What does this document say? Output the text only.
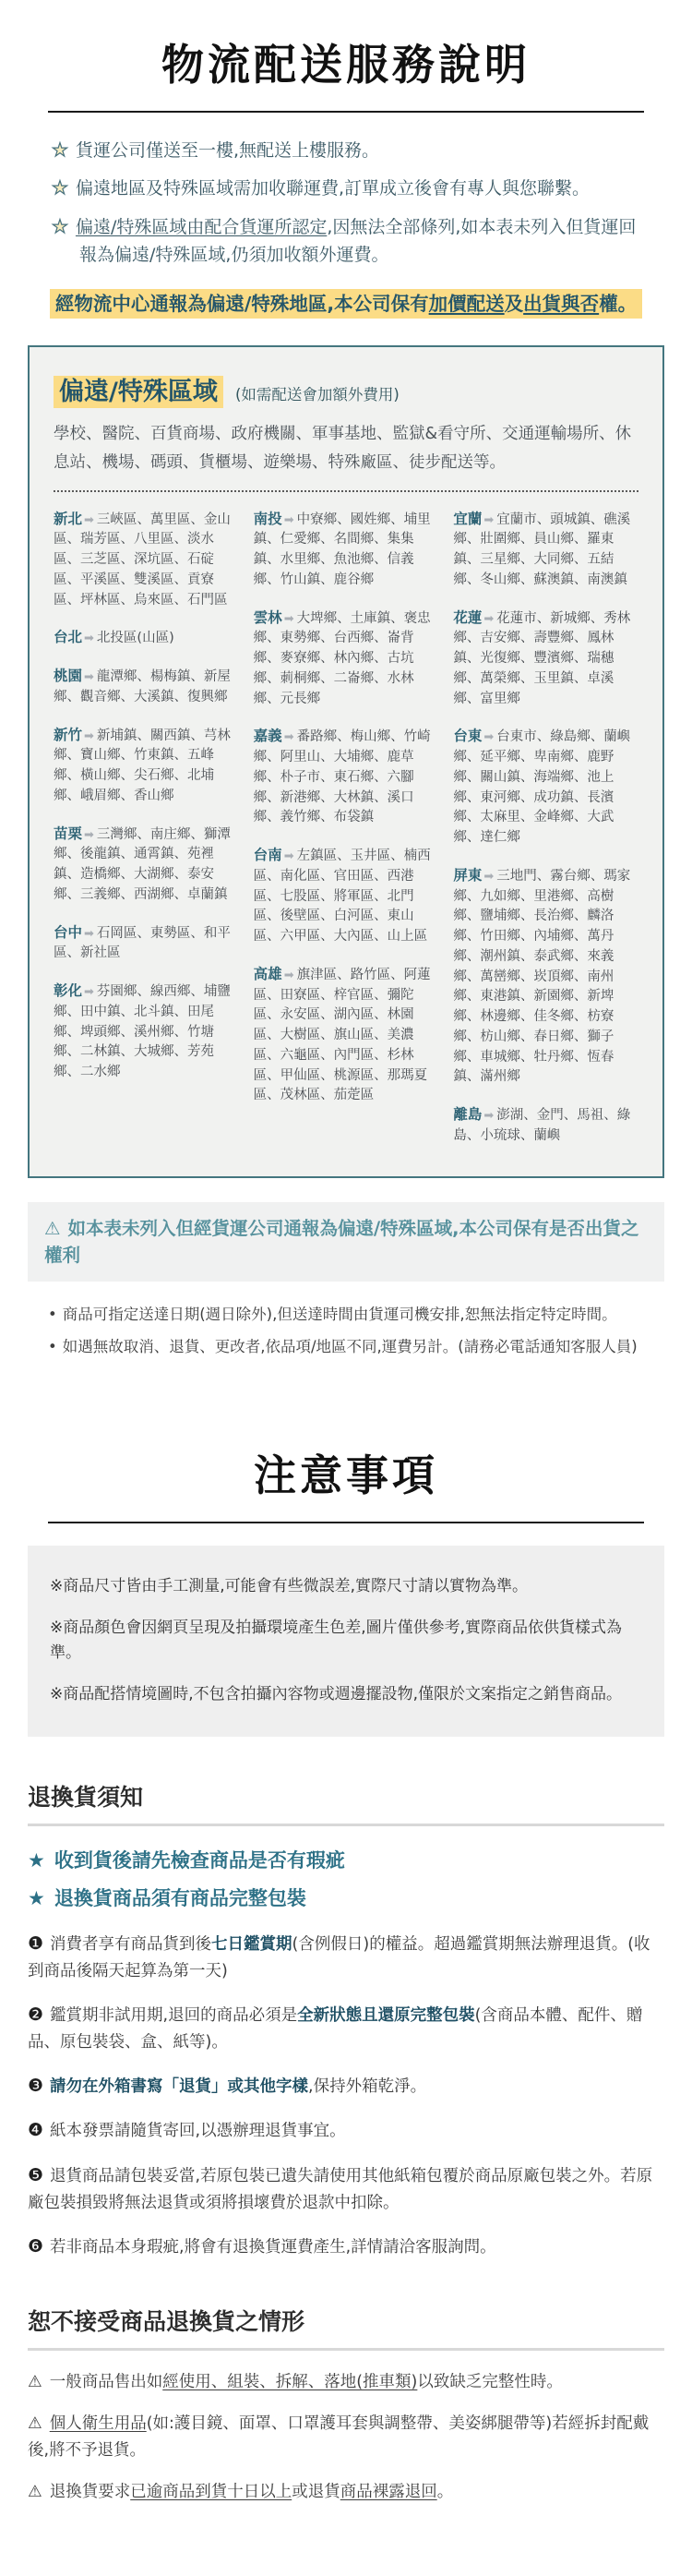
物流配送服務說明

★ 貨運公司僅送至一樓,無配送上樓服務。

★ 偏遠地區及特殊區域需加收聯運費,訂單成立後會有專人與您聯繫。

★ 偏遠/特殊區域由配合貨運所認定,因無法全部條列,如本表未列入但貨運回報為偏遠/特殊區域,仍須加收額外運費。

經物流中心通報為偏遠/特殊地區,本公司保有加價配送及出貨與否權。
偏遠/特殊區域 (如需配送會加額外費用)

學校、醫院、百貨商場、政府機關、軍事基地、監獄&看守所、交通運輸場所、休息站、機場、碼頭、貨櫃場、遊樂場、特殊廠區、徒步配送等。

新北 ➡ 三峽區、萬里區、金山區、瑞芳區、八里區、淡水區、三芝區、深坑區、石碇區、平溪區、雙溪區、貢寮區、坪林區、烏來區、石門區
台北 ➡ 北投區(山區)
桃園 ➡ 龍潭鄉、楊梅鎮、新屋鄉、觀音鄉、大溪鎮、復興鄉
新竹 ➡ 新埔鎮、關西鎮、芎林鄉、寶山鄉、竹東鎮、五峰鄉、橫山鄉、尖石鄉、北埔鄉、峨眉鄉、香山鄉
苗栗 ➡ 三灣鄉、南庄鄉、獅潭鄉、後龍鎮、通霄鎮、苑裡鎮、造橋鄉、大湖鄉、泰安鄉、三義鄉、西湖鄉、卓蘭鎮
台中 ➡ 石岡區、東勢區、和平區、新社區
彰化 ➡ 芬園鄉、線西鄉、埔鹽鄉、田中鎮、北斗鎮、田尾鄉、埤頭鄉、溪州鄉、竹塘鄉、二林鎮、大城鄉、芳苑鄉、二水鄉
南投 ➡ 中寮鄉、國姓鄉、埔里鎮、仁愛鄉、名間鄉、集集鎮、水里鄉、魚池鄉、信義鄉、竹山鎮、鹿谷鄉
雲林 ➡ 大埤鄉、土庫鎮、褒忠鄉、東勢鄉、台西鄉、崙背鄉、麥寮鄉、林內鄉、古坑鄉、莿桐鄉、二崙鄉、水林鄉、元長鄉
嘉義 ➡ 番路鄉、梅山鄉、竹崎鄉、阿里山、大埔鄉、鹿草鄉、朴子市、東石鄉、六腳鄉、新港鄉、大林鎮、溪口鄉、義竹鄉、布袋鎮
台南 ➡ 左鎮區、玉井區、楠西區、南化區、官田區、西港區、七股區、將軍區、北門區、後壁區、白河區、東山區、六甲區、大內區、山上區
高雄 ➡ 旗津區、路竹區、阿蓮區、田寮區、梓官區、彌陀區、永安區、湖內區、林園區、大樹區、旗山區、美濃區、六龜區、內門區、杉林區、甲仙區、桃源區、那瑪夏區、茂林區、茄萣區
宜蘭 ➡ 宜蘭市、頭城鎮、礁溪鄉、壯圍鄉、員山鄉、羅東鎮、三星鄉、大同鄉、五結鄉、冬山鄉、蘇澳鎮、南澳鎮
花蓮 ➡ 花蓮市、新城鄉、秀林鄉、吉安鄉、壽豐鄉、鳳林鎮、光復鄉、豐濱鄉、瑞穗鄉、萬榮鄉、玉里鎮、卓溪鄉、富里鄉
台東 ➡ 台東市、綠島鄉、蘭嶼鄉、延平鄉、卑南鄉、鹿野鄉、關山鎮、海端鄉、池上鄉、東河鄉、成功鎮、長濱鄉、太麻里、金峰鄉、大武鄉、達仁鄉
屏東 ➡ 三地門、霧台鄉、瑪家鄉、九如鄉、里港鄉、高樹鄉、鹽埔鄉、長治鄉、麟洛鄉、竹田鄉、內埔鄉、萬丹鄉、潮州鎮、泰武鄉、來義鄉、萬巒鄉、崁頂鄉、南州鄉、東港鎮、新園鄉、新埤鄉、林邊鄉、佳冬鄉、枋寮鄉、枋山鄉、春日鄉、獅子鄉、車城鄉、牡丹鄉、恆春鎮、滿州鄉
離島 ➡ 澎湖、金門、馬祖、綠島、小琉球、蘭嶼
⚠ 如本表未列入但經貨運公司通報為偏遠/特殊區域,本公司保有是否出貨之權利

• 商品可指定送達日期(週日除外),但送達時間由貨運司機安排,恕無法指定特定時間。

• 如遇無故取消、退貨、更改者,依品項/地區不同,運費另計。(請務必電話通知客服人員)

注意事項

※商品尺寸皆由手工測量,可能會有些微誤差,實際尺寸請以實物為準。

※商品顏色會因網頁呈現及拍攝環境產生色差,圖片僅供參考,實際商品依供貨樣式為準。

※商品配搭情境圖時,不包含拍攝內容物或週邊擺設物,僅限於文案指定之銷售商品。

退換貨須知

★ 收到貨後請先檢查商品是否有瑕疵

★ 退換貨商品須有商品完整包裝

❶ 消費者享有商品貨到後七日鑑賞期(含例假日)的權益。超過鑑賞期無法辦理退貨。(收到商品後隔天起算為第一天)

❷ 鑑賞期非試用期,退回的商品必須是全新狀態且還原完整包裝(含商品本體、配件、贈品、原包裝袋、盒、紙等)。

❸ 請勿在外箱書寫「退貨」或其他字樣,保持外箱乾淨。

❹ 紙本發票請隨貨寄回,以憑辦理退貨事宜。

❺ 退貨商品請包裝妥當,若原包裝已遺失請使用其他紙箱包覆於商品原廠包裝之外。若原廠包裝損毀將無法退貨或須將損壞費於退款中扣除。

❻ 若非商品本身瑕疵,將會有退換貨運費產生,詳情請洽客服詢問。

恕不接受商品退換貨之情形

⚠ 一般商品售出如經使用、組裝、拆解、落地(推車類)以致缺乏完整性時。

⚠ 個人衛生用品(如:護目鏡、面罩、口罩護耳套與調整帶、美姿綁腿帶等)若經拆封配戴後,將不予退貨。

⚠ 退換貨要求已逾商品到貨十日以上或退貨商品裸露退回。
